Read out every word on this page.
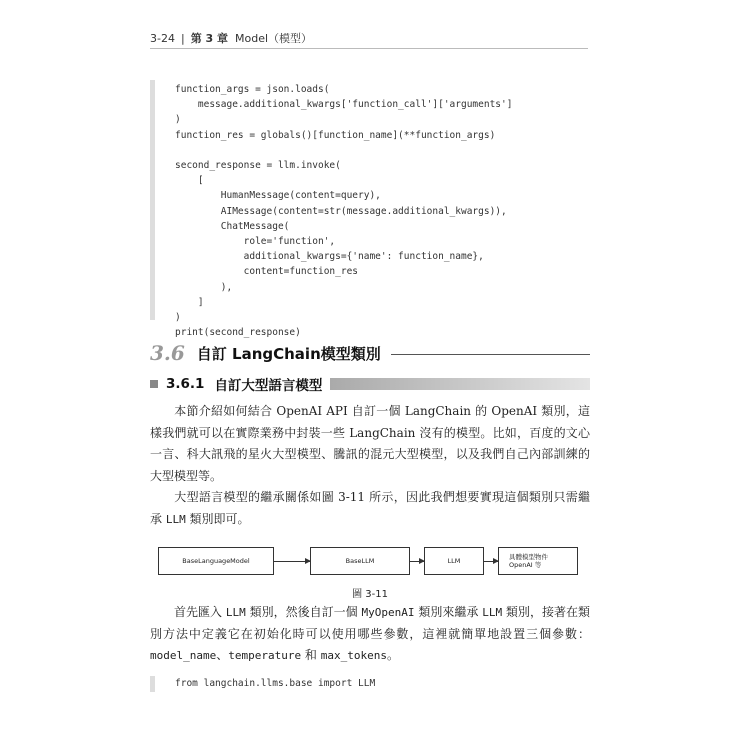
3-24 | 第 3 章 Model（模型）
function_args = json.loads(
message.additional_kwargs['function_call']['arguments']
)
function_res = globals()[function_name](**function_args)

second_response = llm.invoke(
[
HumanMessage(content=query),
AIMessage(content=str(message.additional_kwargs)),
ChatMessage(
role='function',
additional_kwargs={'name': function_name},
content=function_res
),
]
)
print(second_response)
3.6 自訂 LangChain模型類別
3.6.1 自訂大型語言模型
本節介紹如何結合 OpenAI API 自訂一個 LangChain 的 OpenAI 類別，這樣我們就可以在實際業務中封裝一些 LangChain 沒有的模型。比如，百度的文心一言、科大訊飛的星火大型模型、騰訊的混元大型模型，以及我們自己內部訓練的大型模型等。
大型語言模型的繼承關係如圖 3-11 所示，因此我們想要實現這個類別只需繼承 LLM 類別即可。
BaseLanguageModel	BaseLLM	LLM	具體模型物件
OpenAI 等
圖 3-11
首先匯入 LLM 類別，然後自訂一個 MyOpenAI 類別來繼承 LLM 類別，接著在類別方法中定義它在初始化時可以使用哪些參數，這裡就簡單地設置三個參數：model_name、temperature 和 max_tokens。
from langchain.llms.base import LLM
